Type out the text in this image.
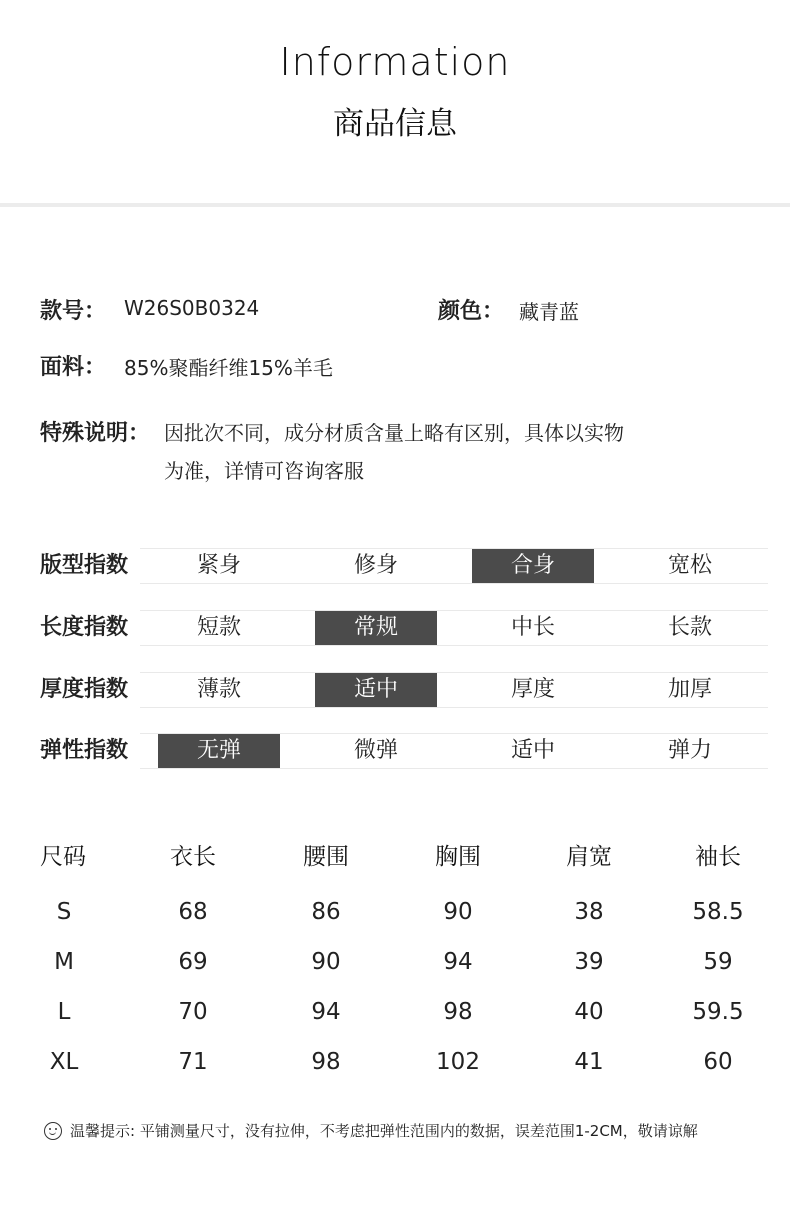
Information
商品信息
款号： W26S0B0324	颜色： 藏青蓝
面料： 85%聚酯纤维15%羊毛
特殊说明： 因批次不同，成分材质含量上略有区别，具体以实物
为准，详情可咨询客服
版型指数	紧身	修身	合身	宽松
长度指数	短款	常规	中长	长款
厚度指数	薄款	适中	厚度	加厚
弹性指数	无弹	微弹	适中	弹力
尺码	衣长	腰围	胸围	肩宽	袖长
S	68	86	90	38	58.5
M	69	90	94	39	59
L	70	94	98	40	59.5
XL	71	98	102	41	60
温馨提示: 平铺测量尺寸，没有拉伸，不考虑把弹性范围内的数据，误差范围1-2CM，敬请谅解
